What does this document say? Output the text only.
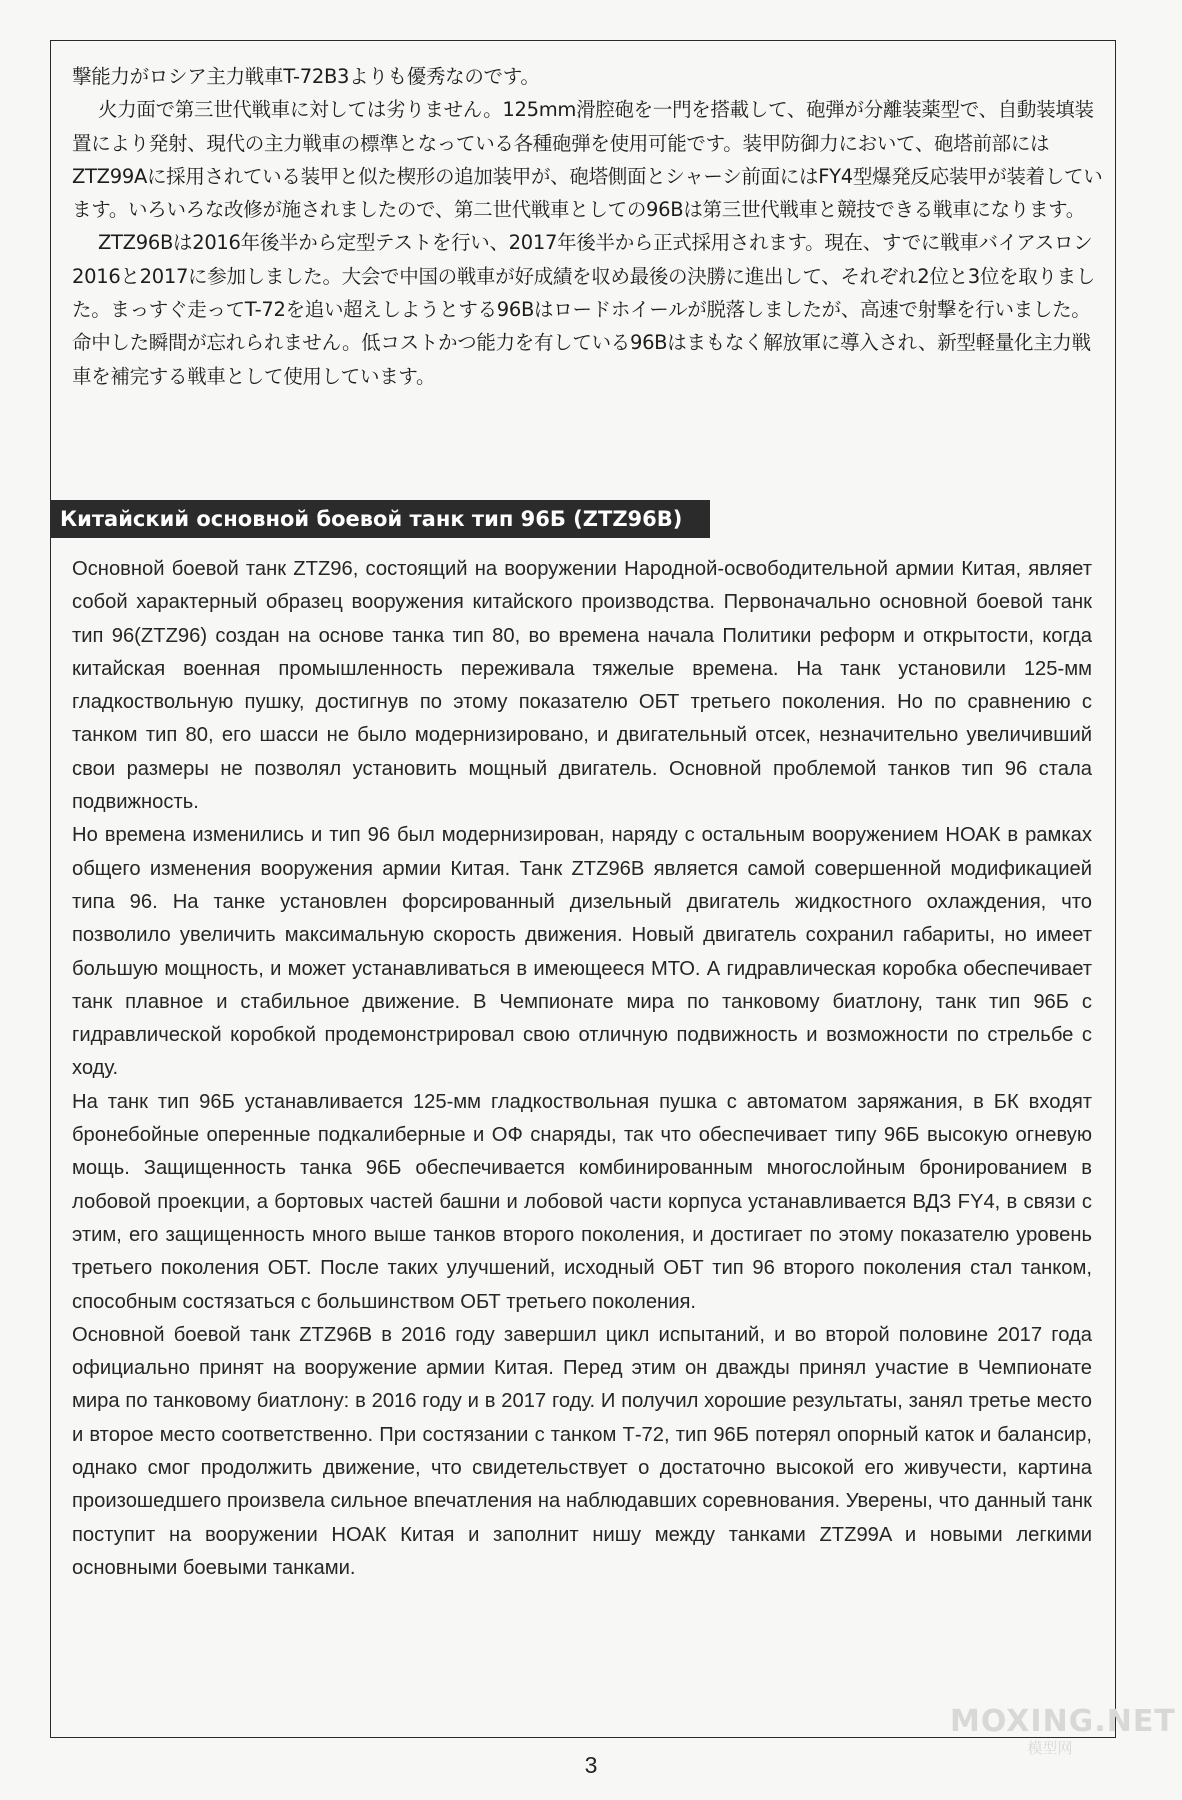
撃能力がロシア主力戦車T-72B3よりも優秀なのです。

火力面で第三世代戦車に対しては劣りません。125mm滑腔砲を一門を搭載して、砲弾が分離装薬型で、自動装填装置により発射、現代の主力戦車の標準となっている各種砲弾を使用可能です。装甲防御力において、砲塔前部にはZTZ99Aに採用されている装甲と似た楔形の追加装甲が、砲塔側面とシャーシ前面にはFY4型爆発反応装甲が装着しています。いろいろな改修が施されましたので、第二世代戦車としての96Bは第三世代戦車と競技できる戦車になります。

ZTZ96Bは2016年後半から定型テストを行い、2017年後半から正式採用されます。現在、すでに戦車バイアスロン2016と2017に参加しました。大会で中国の戦車が好成績を収め最後の決勝に進出して、それぞれ2位と3位を取りました。まっすぐ走ってT-72を追い超えしようとする96Bはロードホイールが脱落しましたが、高速で射撃を行いました。命中した瞬間が忘れられません。低コストかつ能力を有している96Bはまもなく解放軍に導入され、新型軽量化主力戦車を補完する戦車として使用しています。

Китайский основной боевой танк тип 96Б (ZTZ96B)

Основной боевой танк ZTZ96, состоящий на вооружении Народной-освободительной армии Китая, являет собой характерный образец вооружения китайского производства. Первоначально основной боевой танк тип 96(ZTZ96) создан на основе танка тип 80, во времена начала Политики реформ и открытости, когда китайская военная промышленность переживала тяжелые времена. На танк установили 125-мм гладкоствольную пушку, достигнув по этому показателю ОБТ третьего поколения. Но по сравнению с танком тип 80, его шасси не было модернизировано, и двигательный отсек, незначительно увеличивший свои размеры не позволял установить мощный двигатель. Основной проблемой танков тип 96 стала подвижность.

Но времена изменились и тип 96 был модернизирован, наряду с остальным вооружением НОАК в рамках общего изменения вооружения армии Китая. Танк ZTZ96В является самой совершенной модификацией типа 96. На танке установлен форсированный дизельный двигатель жидкостного охлаждения, что позволило увеличить максимальную скорость движения. Новый двигатель сохранил габариты, но имеет большую мощность, и может устанавливаться в имеющееся МТО. А гидравлическая коробка обеспечивает танк плавное и стабильное движение. В Чемпионате мира по танковому биатлону, танк тип 96Б с гидравлической коробкой продемонстрировал свою отличную подвижность и возможности по стрельбе с ходу.

На танк тип 96Б устанавливается 125-мм гладкоствольная пушка с автоматом заряжания, в БК входят бронебойные оперенные подкалиберные и ОФ снаряды, так что обеспечивает типу 96Б высокую огневую мощь. Защищенность танка 96Б обеспечивается комбинированным многослойным бронированием в лобовой проекции, а бортовых частей башни и лобовой части корпуса устанавливается ВДЗ FY4, в связи с этим, его защищенность много выше танков второго поколения, и достигает по этому показателю уровень третьего поколения ОБТ. После таких улучшений, исходный ОБТ тип 96 второго поколения стал танком, способным состязаться с большинством ОБТ третьего поколения.

Основной боевой танк ZTZ96В в 2016 году завершил цикл испытаний, и во второй половине 2017 года официально принят на вооружение армии Китая. Перед этим он дважды принял участие в Чемпионате мира по танковому биатлону: в 2016 году и в 2017 году. И получил хорошие результаты, занял третье место и второе место соответственно. При состязании с танком Т-72, тип 96Б потерял опорный каток и балансир, однако смог продолжить движение, что свидетельствует о достаточно высокой его живучести, картина произошедшего произвела сильное впечатления на наблюдавших соревнования. Уверены, что данный танк поступит на вооружении НОАК Китая и заполнит нишу между танками ZTZ99A и новыми легкими основными боевыми танками.

MOXING.NET
模型网
3
